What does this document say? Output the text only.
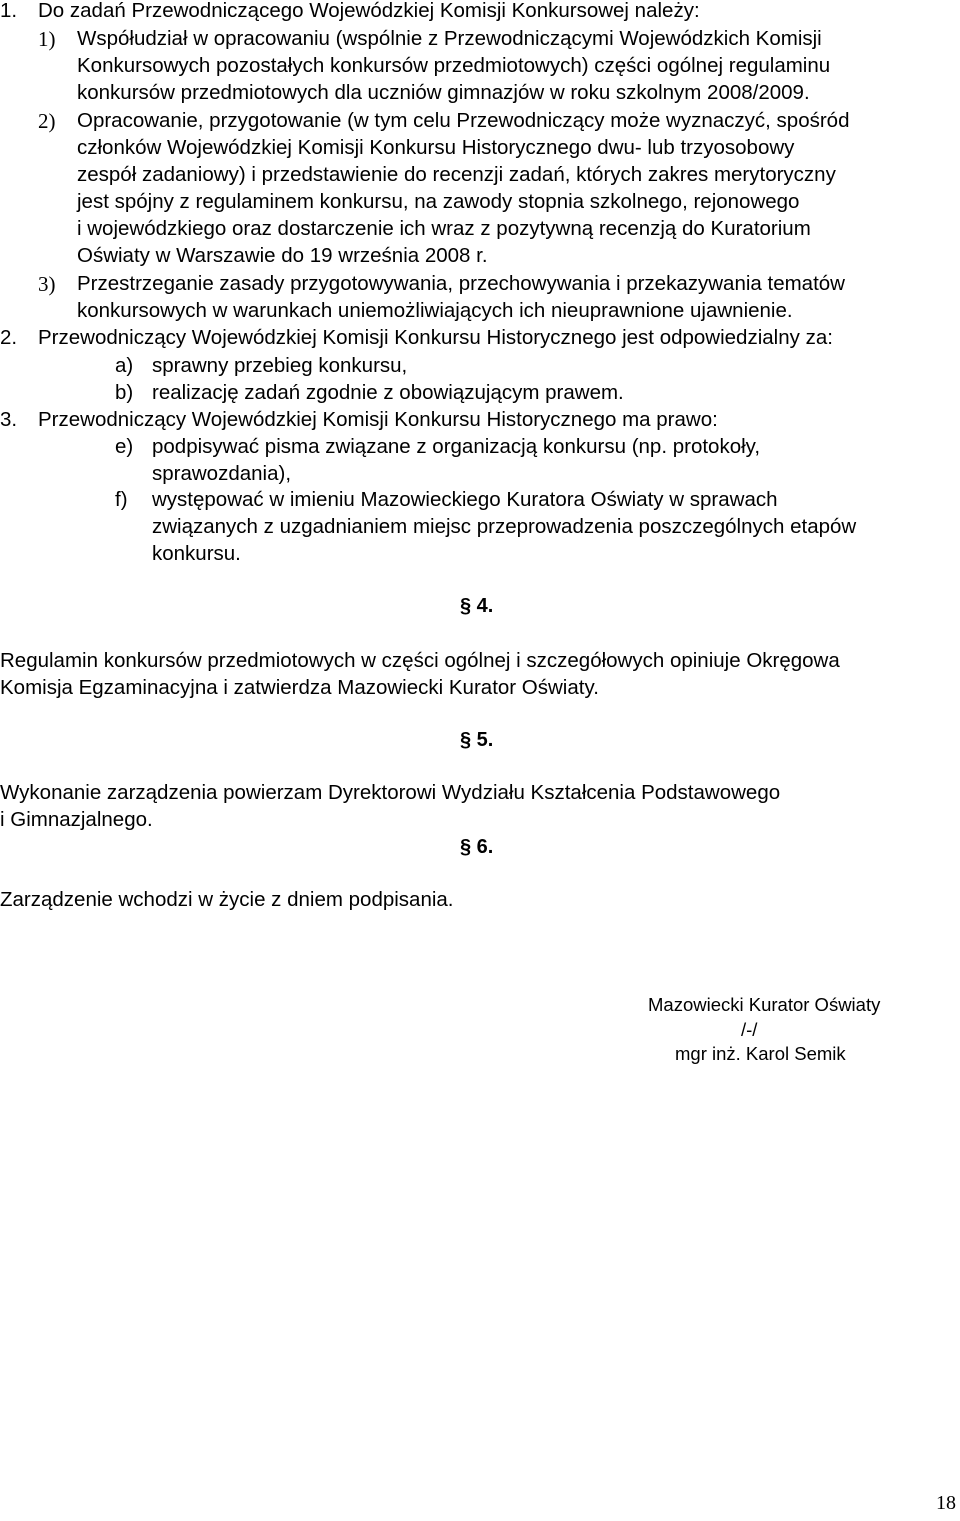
1. Do zadań Przewodniczącego Wojewódzkiej Komisji Konkursowej należy:
1) Współudział w opracowaniu (wspólnie z Przewodniczącymi Wojewódzkich Komisji
Konkursowych pozostałych konkursów przedmiotowych) części ogólnej regulaminu
konkursów przedmiotowych dla uczniów gimnazjów w roku szkolnym 2008/2009.
2) Opracowanie, przygotowanie (w tym celu Przewodniczący może wyznaczyć, spośród
członków Wojewódzkiej Komisji Konkursu Historycznego dwu- lub trzyosobowy
zespół zadaniowy) i przedstawienie do recenzji zadań, których zakres merytoryczny
jest spójny z regulaminem konkursu, na zawody stopnia szkolnego, rejonowego
i wojewódzkiego oraz dostarczenie ich wraz z pozytywną recenzją do Kuratorium
Oświaty w Warszawie do 19 września 2008 r.
3) Przestrzeganie zasady przygotowywania, przechowywania i przekazywania tematów
konkursowych w warunkach uniemożliwiających ich nieuprawnione ujawnienie.
2. Przewodniczący Wojewódzkiej Komisji Konkursu Historycznego jest odpowiedzialny za:
a) sprawny przebieg konkursu,
b) realizację zadań zgodnie z obowiązującym prawem.
3. Przewodniczący Wojewódzkiej Komisji Konkursu Historycznego ma prawo:
e) podpisywać pisma związane z organizacją konkursu (np. protokoły,
sprawozdania),
f) występować w imieniu Mazowieckiego Kuratora Oświaty w sprawach
związanych z uzgadnianiem miejsc przeprowadzenia poszczególnych etapów
konkursu.
§ 4.
Regulamin konkursów przedmiotowych w części ogólnej i szczegółowych opiniuje Okręgowa
Komisja Egzaminacyjna i zatwierdza Mazowiecki Kurator Oświaty.
§ 5.
Wykonanie zarządzenia powierzam Dyrektorowi Wydziału Kształcenia Podstawowego
i Gimnazjalnego.
§ 6.
Zarządzenie wchodzi w życie z dniem podpisania.
Mazowiecki Kurator Oświaty
/-/
mgr inż. Karol Semik
18
